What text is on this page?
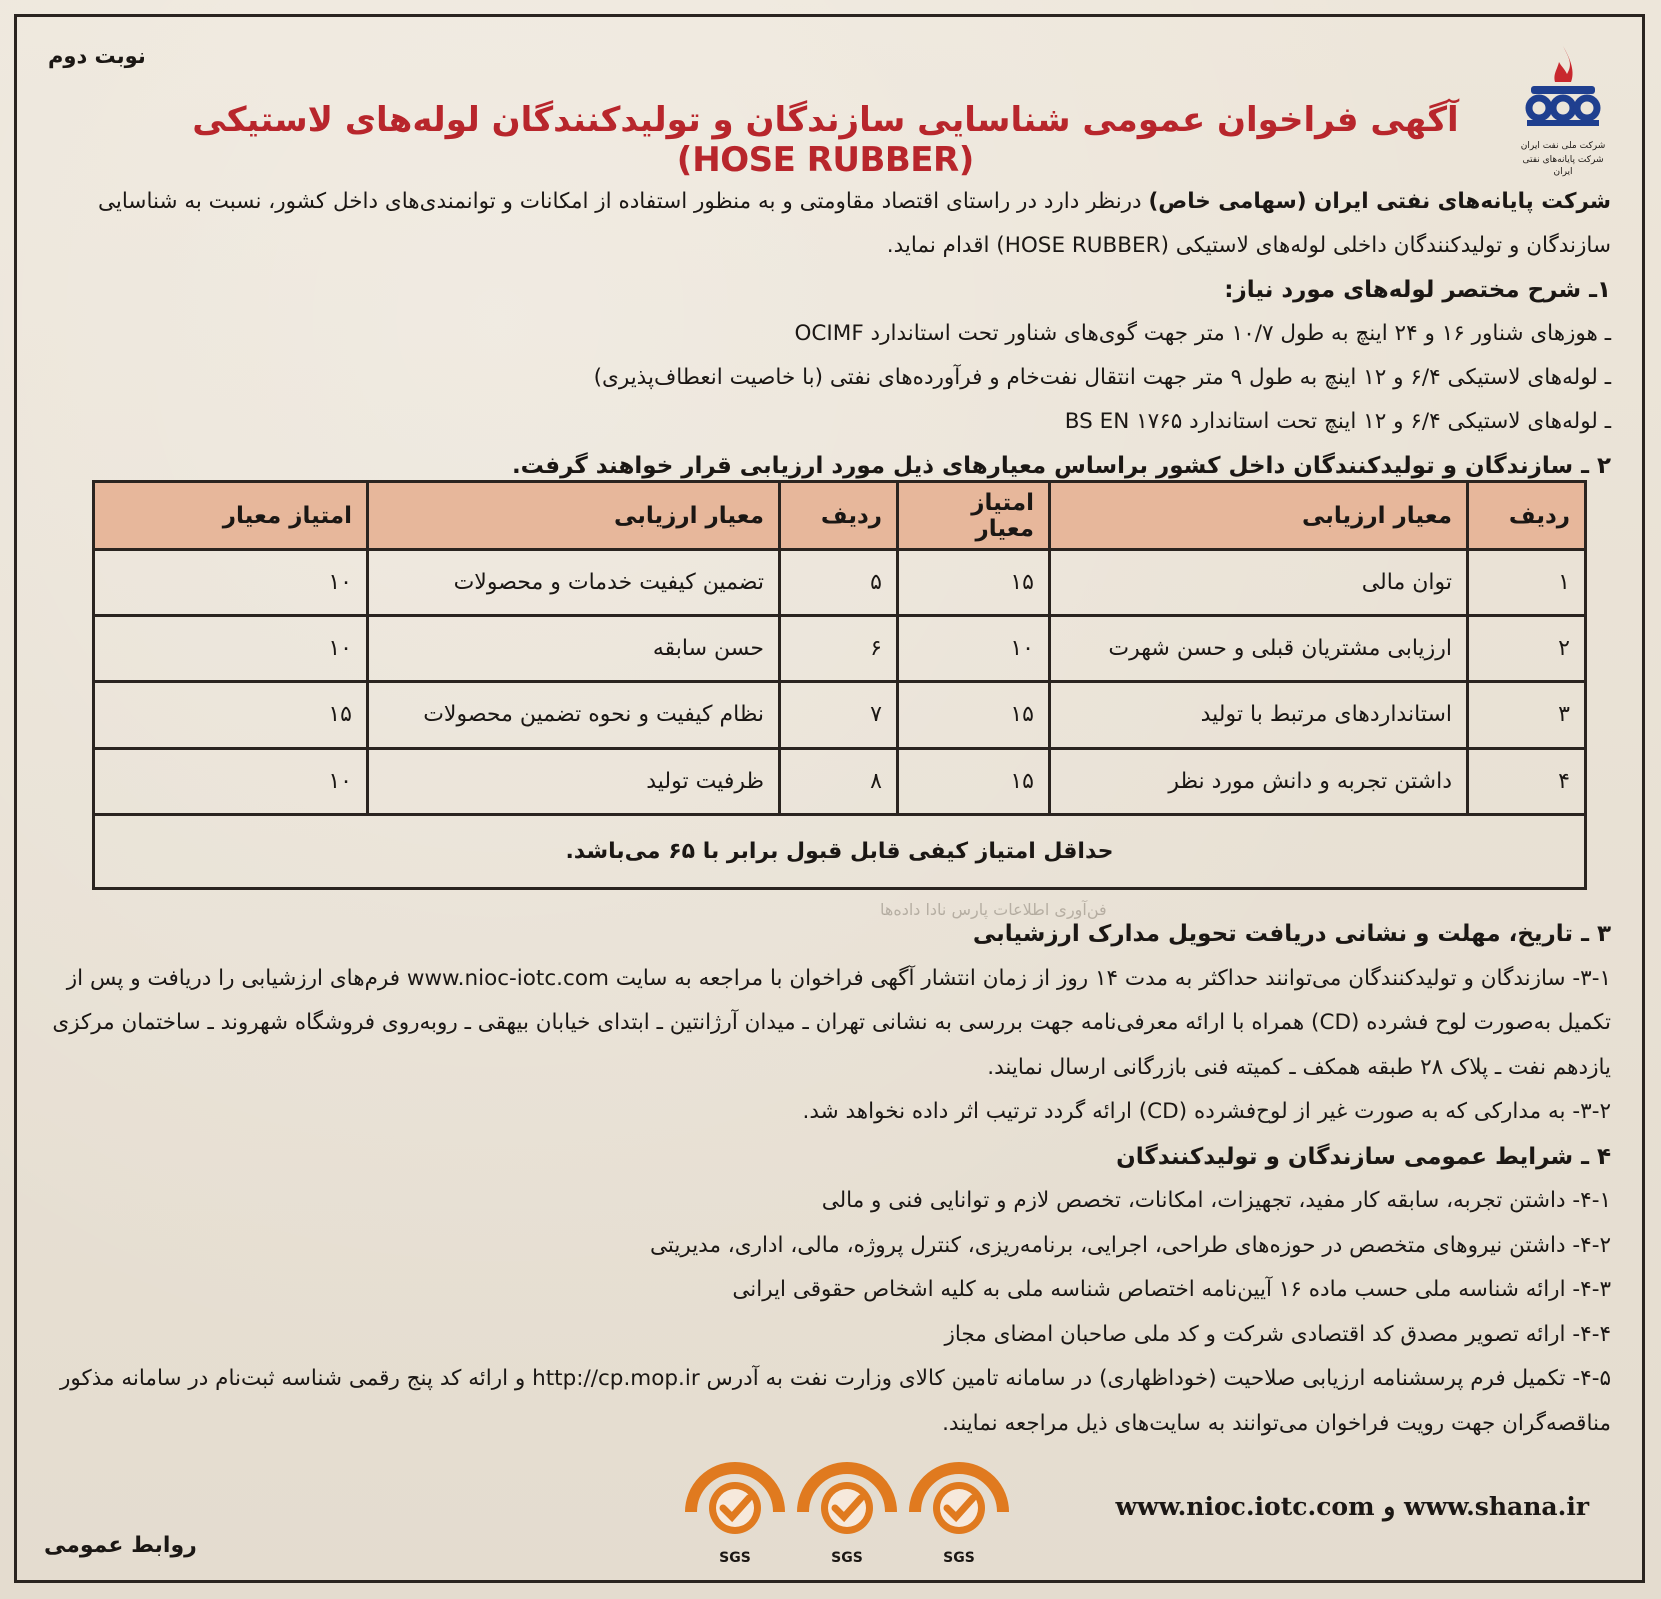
نوبت دوم
شرکت ملی نفت ایران
شرکت پایانه‌های نفتی ایران
آگهی فراخوان عمومی شناسایی سازندگان و تولیدکنندگان لوله‌های لاستیکی (HOSE RUBBER)

شرکت پایانه‌های نفتی ایران (سهامی خاص) درنظر دارد در راستای اقتصاد مقاومتی و به منظور استفاده از امکانات و توانمندی‌های داخل کشور، نسبت به شناسایی سازندگان و تولیدکنندگان داخلی لوله‌های لاستیکی (HOSE RUBBER) اقدام نماید.

۱ـ شرح مختصر لوله‌های مورد نیاز:

ـ هوزهای شناور ۱۶ و ۲۴ اینچ به طول ۱۰/۷ متر جهت گوی‌های شناور تحت استاندارد OCIMF

ـ لوله‌های لاستیکی ۶/۴ و ۱۲ اینچ به طول ۹ متر جهت انتقال نفت‌خام و فرآورده‌های نفتی (با خاصیت انعطاف‌پذیری)

ـ لوله‌های لاستیکی ۶/۴ و ۱۲ اینچ تحت استاندارد BS EN ۱۷۶۵

۲ ـ سازندگان و تولیدکنندگان داخل کشور براساس معیارهای ذیل مورد ارزیابی قرار خواهند گرفت.

ردیف	معیار ارزیابی	امتیاز معیار	ردیف	معیار ارزیابی	امتیاز معیار
۱	توان مالی	۱۵	۵	تضمین کیفیت خدمات و محصولات	۱۰
۲	ارزیابی مشتریان قبلی و حسن شهرت	۱۰	۶	حسن سابقه	۱۰
۳	استانداردهای مرتبط با تولید	۱۵	۷	نظام کیفیت و نحوه تضمین محصولات	۱۵
۴	داشتن تجربه و دانش مورد نظر	۱۵	۸	ظرفیت تولید	۱۰
حداقل امتیاز کیفی قابل قبول برابر با ۶۵ می‌باشد.					
فن‌آوری اطلاعات پارس‌ نادا داده‌ها

۳ ـ تاریخ، مهلت و نشانی دریافت تحویل مدارک ارزشیابی

۳-۱- سازندگان و تولیدکنندگان می‌توانند حداکثر به مدت ۱۴ روز از زمان انتشار آگهی فراخوان با مراجعه به سایت www.nioc-iotc.com فرم‌های ارزشیابی را دریافت و پس از تکمیل به‌صورت لوح فشرده (CD) همراه با ارائه معرفی‌نامه جهت بررسی به نشانی تهران ـ میدان آرژانتین ـ ابتدای خیابان بیهقی ـ روبه‌روی فروشگاه شهروند ـ ساختمان مرکزی یازدهم نفت ـ پلاک ۲۸ طبقه همکف ـ کمیته فنی بازرگانی ارسال نمایند.

۳-۲- به مدارکی که به صورت غیر از لوح‌فشرده (CD) ارائه گردد ترتیب اثر داده نخواهد شد.

۴ ـ شرایط عمومی سازندگان و تولیدکنندگان

۴-۱- داشتن تجربه، سابقه کار مفید، تجهیزات، امکانات، تخصص لازم و توانایی فنی و مالی

۴-۲- داشتن نیروهای متخصص در حوزه‌های طراحی، اجرایی، برنامه‌ریزی، کنترل پروژه، مالی، اداری، مدیریتی

۴-۳- ارائه شناسه ملی حسب ماده ۱۶ آیین‌نامه اختصاص شناسه ملی به کلیه اشخاص حقوقی ایرانی

۴-۴- ارائه تصویر مصدق کد اقتصادی شرکت و کد ملی صاحبان امضای مجاز

۴-۵- تکمیل فرم پرسشنامه ارزیابی صلاحیت (خوداظهاری) در سامانه تامین کالای وزارت نفت به آدرس http://cp.mop.ir و ارائه کد پنج رقمی شناسه ثبت‌نام در سامانه مذکور

مناقصه‌گران جهت رویت فراخوان می‌توانند به سایت‌های ذیل مراجعه نمایند.

SGS	SGS	SGS
www.shana.ir و www.nioc.iotc.com
روابط عمومی
